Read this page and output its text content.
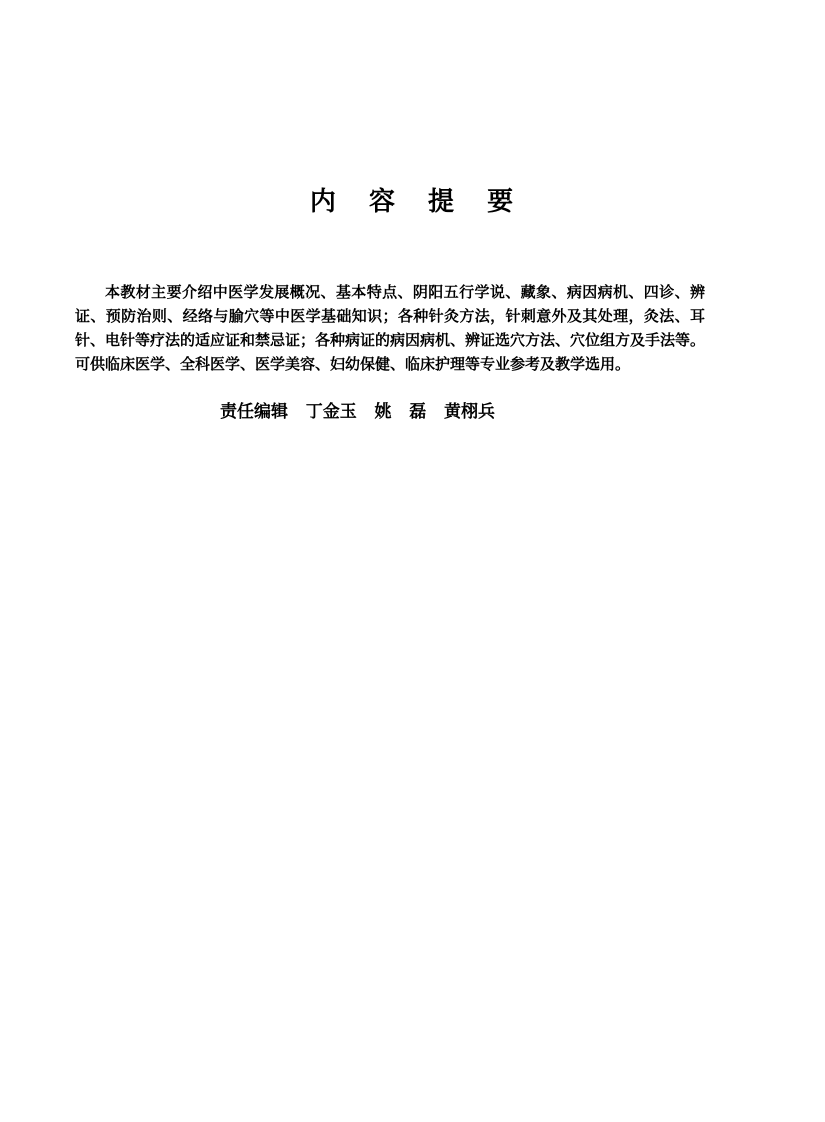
内 容 提 要

本教材主要介绍中医学发展概况、基本特点、阴阳五行学说、藏象、病因病机、四诊、辨证、预防治则、经络与腧穴等中医学基础知识；各种针灸方法，针刺意外及其处理，灸法、耳针、电针等疗法的适应证和禁忌证；各种病证的病因病机、辨证选穴方法、穴位组方及手法等。可供临床医学、全科医学、医学美容、妇幼保健、临床护理等专业参考及教学选用。

责任编辑   丁金玉   姚   磊   黄栩兵
